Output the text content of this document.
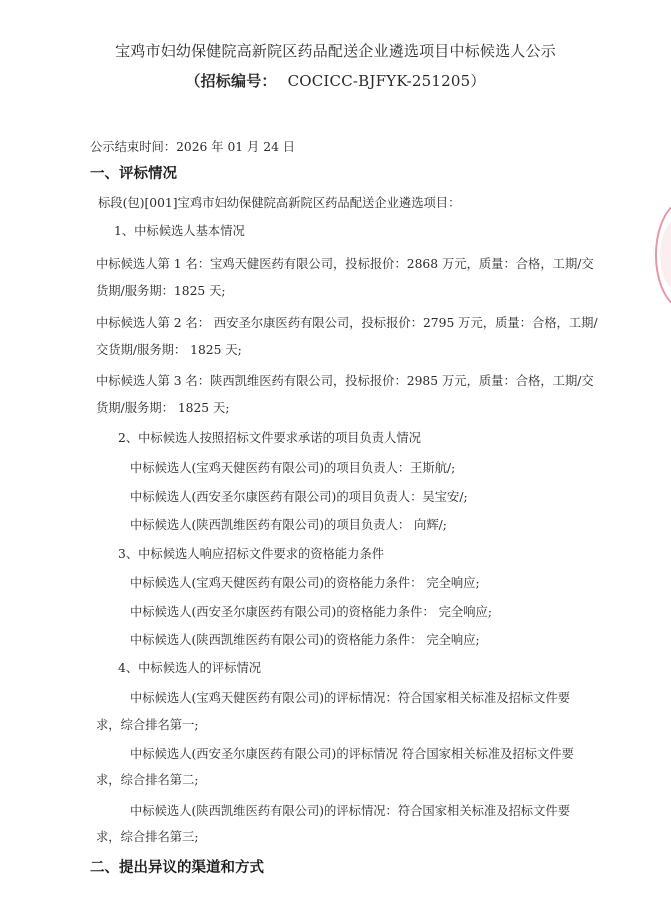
宝鸡市妇幼保健院高新院区药品配送企业遴选项目中标候选人公示
（招标编号： COCICC-BJFYK-251205）
公示结束时间：2026 年 01 月 24 日
一、评标情况
标段(包)[001]宝鸡市妇幼保健院高新院区药品配送企业遴选项目：
1、中标候选人基本情况
中标候选人第 1 名：宝鸡天健医药有限公司，投标报价：2868 万元，质量：合格，工期/交
货期/服务期：1825 天;
中标候选人第 2 名： 西安圣尔康医药有限公司，投标报价：2795 万元，质量：合格，工期/
交货期/服务期： 1825 天;
中标候选人第 3 名：陕西凯维医药有限公司，投标报价：2985 万元，质量：合格，工期/交
货期/服务期： 1825 天;
2、中标候选人按照招标文件要求承诺的项目负责人情况
中标候选人(宝鸡天健医药有限公司)的项目负责人：王斯航/;
中标候选人(西安圣尔康医药有限公司)的项目负责人：吴宝安/;
中标候选人(陕西凯维医药有限公司)的项目负责人： 向辉/;
3、中标候选人响应招标文件要求的资格能力条件
中标候选人(宝鸡天健医药有限公司)的资格能力条件： 完全响应;
中标候选人(西安圣尔康医药有限公司)的资格能力条件： 完全响应;
中标候选人(陕西凯维医药有限公司)的资格能力条件： 完全响应;
4、中标候选人的评标情况
中标候选人(宝鸡天健医药有限公司)的评标情况：符合国家相关标准及招标文件要
求，综合排名第一;
中标候选人(西安圣尔康医药有限公司)的评标情况 符合国家相关标准及招标文件要
求，综合排名第二;
中标候选人(陕西凯维医药有限公司)的评标情况：符合国家相关标准及招标文件要
求，综合排名第三;
二、提出异议的渠道和方式
